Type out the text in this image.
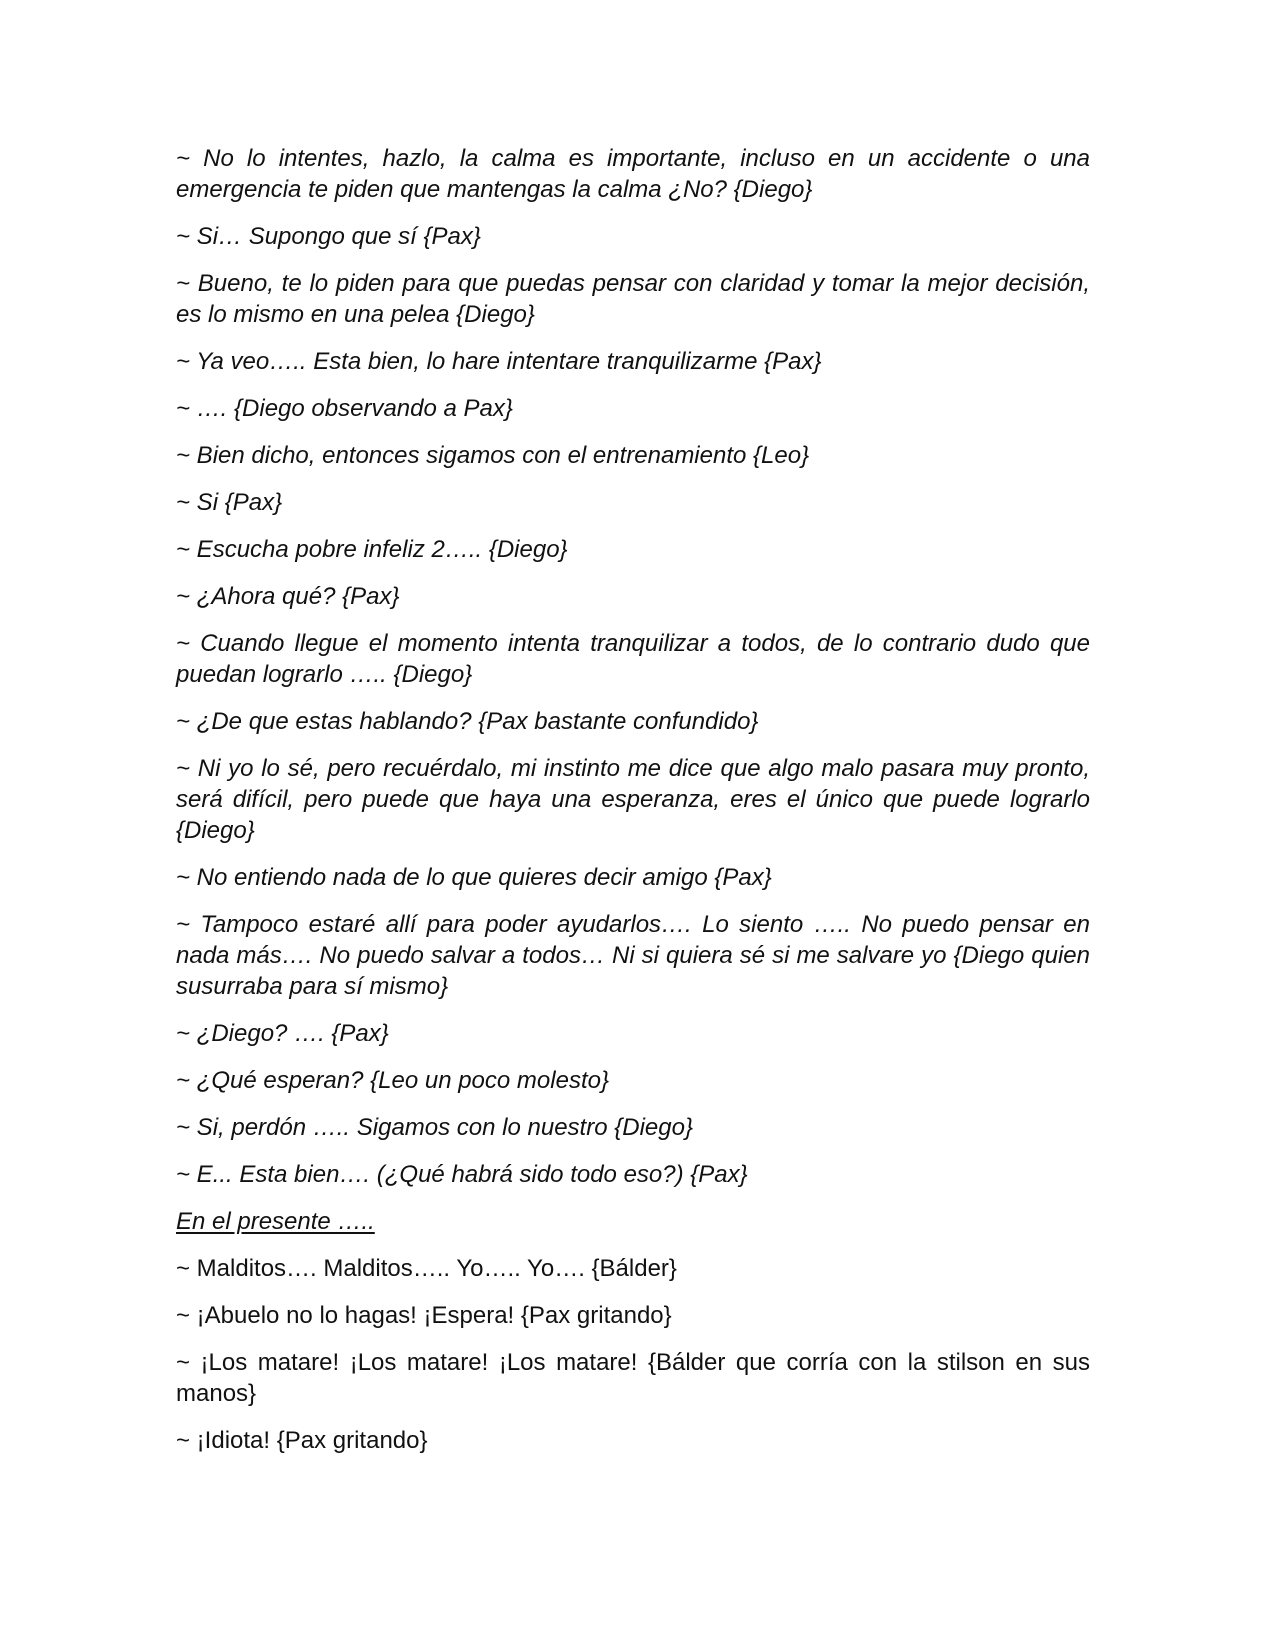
~ No lo intentes, hazlo, la calma es importante, incluso en un accidente o una emergencia te piden que mantengas la calma ¿No? {Diego}

~ Si… Supongo que sí {Pax}

~ Bueno, te lo piden para que puedas pensar con claridad y tomar la mejor decisión, es lo mismo en una pelea {Diego}

~ Ya veo….. Esta bien, lo hare intentare tranquilizarme {Pax}

~ …. {Diego observando a Pax}

~ Bien dicho, entonces sigamos con el entrenamiento {Leo}

~ Si {Pax}

~ Escucha pobre infeliz 2….. {Diego}

~ ¿Ahora qué? {Pax}

~ Cuando llegue el momento intenta tranquilizar a todos, de lo contrario dudo que puedan lograrlo ….. {Diego}

~ ¿De que estas hablando? {Pax bastante confundido}

~ Ni yo lo sé, pero recuérdalo, mi instinto me dice que algo malo pasara muy pronto, será difícil, pero puede que haya una esperanza, eres el único que puede lograrlo {Diego}

~ No entiendo nada de lo que quieres decir amigo {Pax}

~ Tampoco estaré allí para poder ayudarlos…. Lo siento ….. No puedo pensar en nada más…. No puedo salvar a todos… Ni si quiera sé si me salvare yo {Diego quien susurraba para sí mismo}

~ ¿Diego? …. {Pax}

~ ¿Qué esperan? {Leo un poco molesto}

~ Si, perdón ….. Sigamos con lo nuestro {Diego}

~ E... Esta bien…. (¿Qué habrá sido todo eso?) {Pax}

En el presente …..

~ Malditos…. Malditos….. Yo….. Yo…. {Bálder}

~ ¡Abuelo no lo hagas! ¡Espera! {Pax gritando}

~ ¡Los matare! ¡Los matare! ¡Los matare! {Bálder que corría con la stilson en sus manos}

~ ¡Idiota! {Pax gritando}
